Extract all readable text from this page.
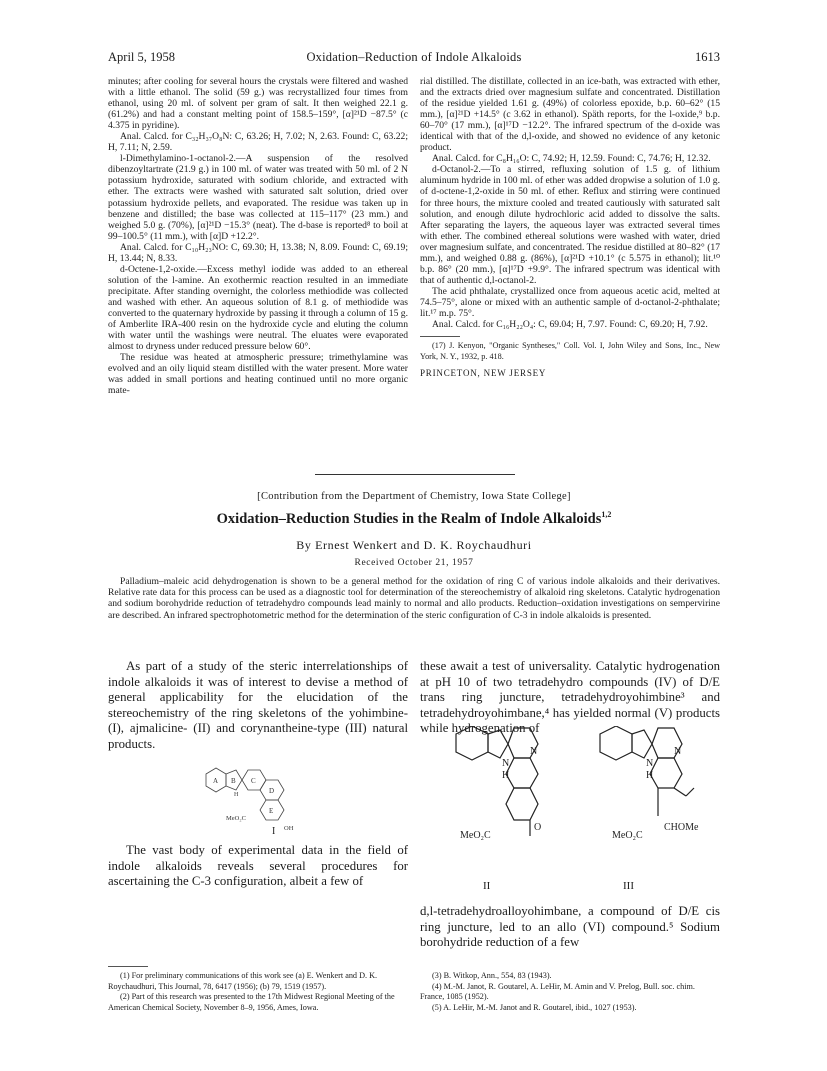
April 5, 1958	Oxidation–Reduction of Indole Alkaloids	1613

minutes; after cooling for several hours the crystals were filtered and washed with a little ethanol. The solid (59 g.) was recrystallized four times from ethanol, using 20 ml. of solvent per gram of salt. It then weighed 22.1 g. (61.2%) and had a constant melting point of 158.5–159°, [α]²¹D −87.5° (c 4.375 in pyridine).

Anal. Calcd. for C₃₂H₃₇O₈N: C, 63.26; H, 7.02; N, 2.63. Found: C, 63.22; H, 7.11; N, 2.59.

l-Dimethylamino-1-octanol-2.—A suspension of the resolved dibenzoyltartrate (21.9 g.) in 100 ml. of water was treated with 50 ml. of 2 N potassium hydroxide, saturated with sodium chloride, and extracted with ether. The extracts were washed with saturated salt solution, dried over potassium hydroxide pellets, and evaporated. The residue was taken up in benzene and distilled; the base was collected at 115–117° (23 mm.) and weighed 5.0 g. (70%), [α]²¹D −15.3° (neat). The d-base is reported⁸ to boil at 99–100.5° (11 mm.), with [α]D +12.2°.

Anal. Calcd. for C₁₀H₂₃NO: C, 69.30; H, 13.38; N, 8.09. Found: C, 69.19; H, 13.44; N, 8.33.

d-Octene-1,2-oxide.—Excess methyl iodide was added to an ethereal solution of the l-amine. An exothermic reaction resulted in an immediate precipitate. After standing overnight, the colorless methiodide was collected and washed with ether. An aqueous solution of 8.1 g. of methiodide was converted to the quaternary hydroxide by passing it through a column of 15 g. of Amberlite IRA-400 resin on the hydroxide cycle and eluting the column with water until the washings were neutral. The eluates were evaporated almost to dryness under reduced pressure below 60°.

The residue was heated at atmospheric pressure; trimethylamine was evolved and an oily liquid steam distilled with the water present. More water was added in small portions and heating continued until no more organic mate-

rial distilled. The distillate, collected in an ice-bath, was extracted with ether, and the extracts dried over magnesium sulfate and concentrated. Distillation of the residue yielded 1.61 g. (49%) of colorless epoxide, b.p. 60–62° (15 mm.), [α]²¹D +14.5° (c 3.62 in ethanol). Späth reports, for the l-oxide,⁹ b.p. 60–70° (17 mm.), [α]¹⁷D −12.2°. The infrared spectrum of the d-oxide was identical with that of the d,l-oxide, and showed no evidence of any ketonic product.

Anal. Calcd. for C₈H₁₆O: C, 74.92; H, 12.59. Found: C, 74.76; H, 12.32.

d-Octanol-2.—To a stirred, refluxing solution of 1.5 g. of lithium aluminum hydride in 100 ml. of ether was added dropwise a solution of 1.0 g. of d-octene-1,2-oxide in 50 ml. of ether. Reflux and stirring were continued for three hours, the mixture cooled and treated cautiously with saturated salt solution, and enough dilute hydrochloric acid added to dissolve the salts. After separating the layers, the aqueous layer was extracted several times with ether. The combined ethereal solutions were washed with water, dried over magnesium sulfate, and concentrated. The residue distilled at 80–82° (17 mm.), and weighed 0.88 g. (86%), [α]²¹D +10.1° (c 5.575 in ethanol); lit.¹⁰ b.p. 86° (20 mm.), [α]¹⁷D +9.9°. The infrared spectrum was identical with that of authentic d,l-octanol-2.

The acid phthalate, crystallized once from aqueous acetic acid, melted at 74.5–75°, alone or mixed with an authentic sample of d-octanol-2-phthalate; lit.¹⁷ m.p. 75°.

Anal. Calcd. for C₁₆H₂₂O₄: C, 69.04; H, 7.97. Found: C, 69.20; H, 7.92.

(17) J. Kenyon, "Organic Syntheses," Coll. Vol. I, John Wiley and Sons, Inc., New York, N. Y., 1932, p. 418.

PRINCETON, NEW JERSEY
[Contribution from the Department of Chemistry, Iowa State College]
Oxidation–Reduction Studies in the Realm of Indole Alkaloids$^{1,2}$
By Ernest Wenkert and D. K. Roychaudhuri
Received October 21, 1957

Palladium–maleic acid dehydrogenation is shown to be a general method for the oxidation of ring C of various indole alkaloids and their derivatives. Relative rate data for this process can be used as a diagnostic tool for determination of the stereochemistry of alkaloid ring skeletons. Catalytic hydrogenation and sodium borohydride reduction of tetradehydro compounds lead mainly to normal and allo products. Reduction–oxidation investigations on sempervirine are described. An infrared spectrophotometric method for the determination of the steric configuration of C-3 in indole alkaloids is presented.

As part of a study of the steric interrelationships of indole alkaloids it was of interest to devise a method of general applicability for the elucidation of the stereochemistry of the ring skeletons of the yohimbine- (I), ajmalicine- (II) and corynantheine-type (III) natural products.

A B C
D
E
H
MeO₂C
OH
I

The vast body of experimental data in the field of indole alkaloids reveals several procedures for ascertaining the C-3 configuration, albeit a few of

these await a test of universality. Catalytic hydrogenation at pH 10 of two tetradehydro compounds (IV) of D/E trans ring juncture, tetradehydroyohimbine³ and tetradehydroyohimbane,⁴ has yielded normal (V) products while hydrogenation of

N
H
N
O
MeO₂C
N
H
N
MeO₂C
CHOMe
II	III

d,l-tetradehydroalloyohimbane, a compound of D/E cis ring juncture, led to an allo (VI) compound.⁵ Sodium borohydride reduction of a few

(1) For preliminary communications of this work see (a) E. Wenkert and D. K. Roychaudhuri, This Journal, 78, 6417 (1956); (b) 79, 1519 (1957).

(2) Part of this research was presented to the 17th Midwest Regional Meeting of the American Chemical Society, November 8–9, 1956, Ames, Iowa.

(3) B. Witkop, Ann., 554, 83 (1943).

(4) M.-M. Janot, R. Goutarel, A. LeHir, M. Amin and V. Prelog, Bull. soc. chim. France, 1085 (1952).

(5) A. LeHir, M.-M. Janot and R. Goutarel, ibid., 1027 (1953).
